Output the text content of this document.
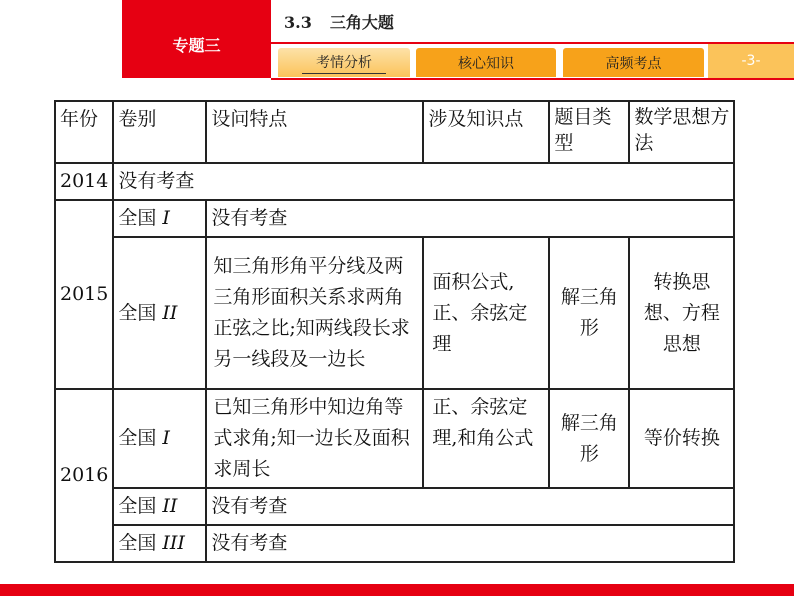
专题三
3.3 三角大题
考情分析	核心知识	高频考点	-3-
年份	卷别	设问特点	涉及知识点	题目类型	数学思想方法
2014	没有考查				
2015	全国 I	没有考查			
	全国 II	知三角形角平分线及两三角形面积关系求两角正弦之比;知两线段长求另一线段及一边长	面积公式,正、余弦定理	解三角形	转换思想、方程思想
2016	全国 I	已知三角形中知边角等式求角;知一边长及面积求周长	正、余弦定理,和角公式	解三角形	等价转换
	全国 II	没有考查			
	全国 III	没有考查			
